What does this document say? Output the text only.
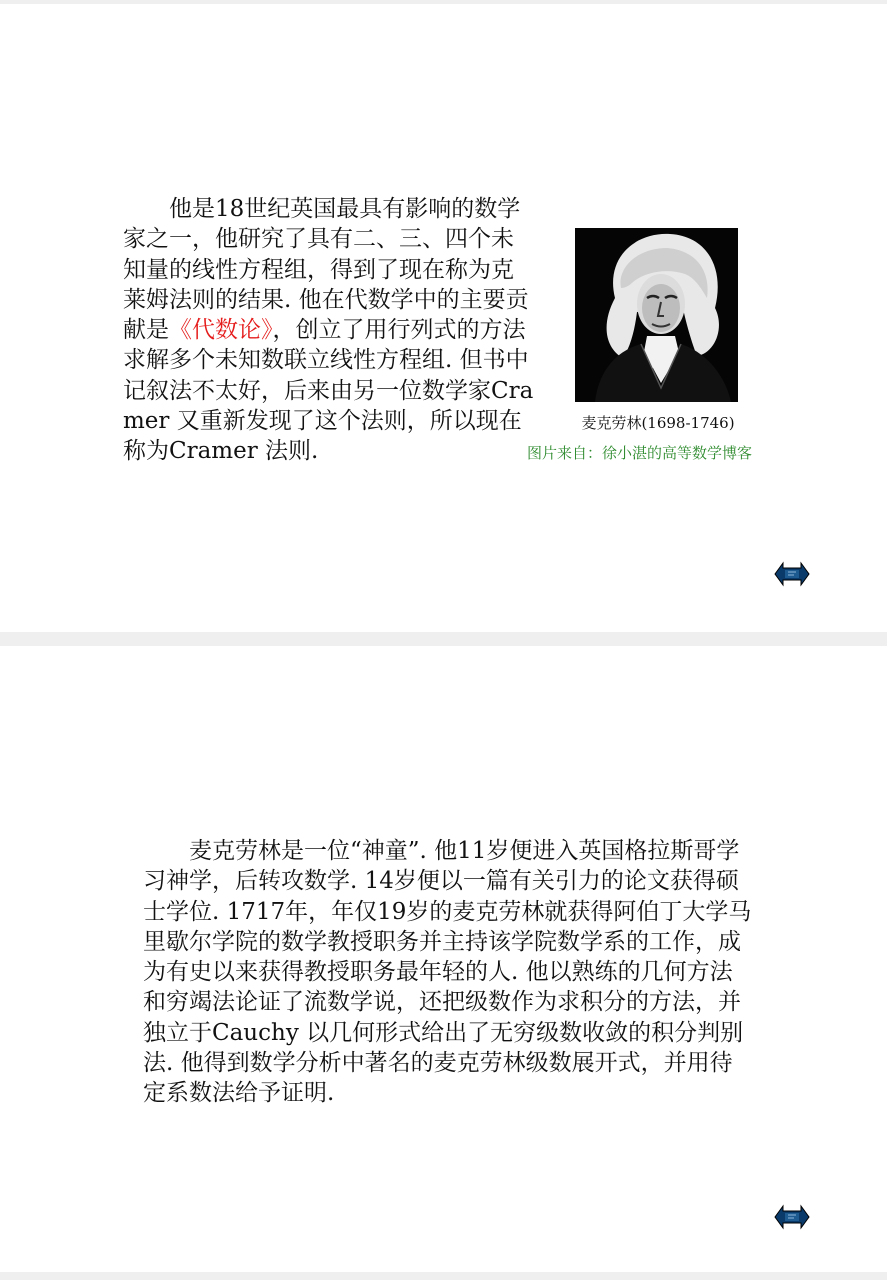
　　他是18世纪英国最具有影响的数学家之一，他研究了具有二、三、四个未知量的线性方程组，得到了现在称为克莱姆法则的结果. 他在代数学中的主要贡献是《代数论》，创立了用行列式的方法求解多个未知数联立线性方程组. 但书中记叙法不太好，后来由另一位数学家Cramer 又重新发现了这个法则，所以现在称为Cramer 法则.

麦克劳林(1698-1746)
图片来自：徐小湛的高等数学博客

　　麦克劳林是一位“神童”. 他11岁便进入英国格拉斯哥学习神学，后转攻数学. 14岁便以一篇有关引力的论文获得硕士学位. 1717年，年仅19岁的麦克劳林就获得阿伯丁大学马里歇尔学院的数学教授职务并主持该学院数学系的工作，成为有史以来获得教授职务最年轻的人. 他以熟练的几何方法和穷竭法论证了流数学说，还把级数作为求积分的方法，并独立于Cauchy 以几何形式给出了无穷级数收敛的积分判别法. 他得到数学分析中著名的麦克劳林级数展开式，并用待定系数法给予证明.
